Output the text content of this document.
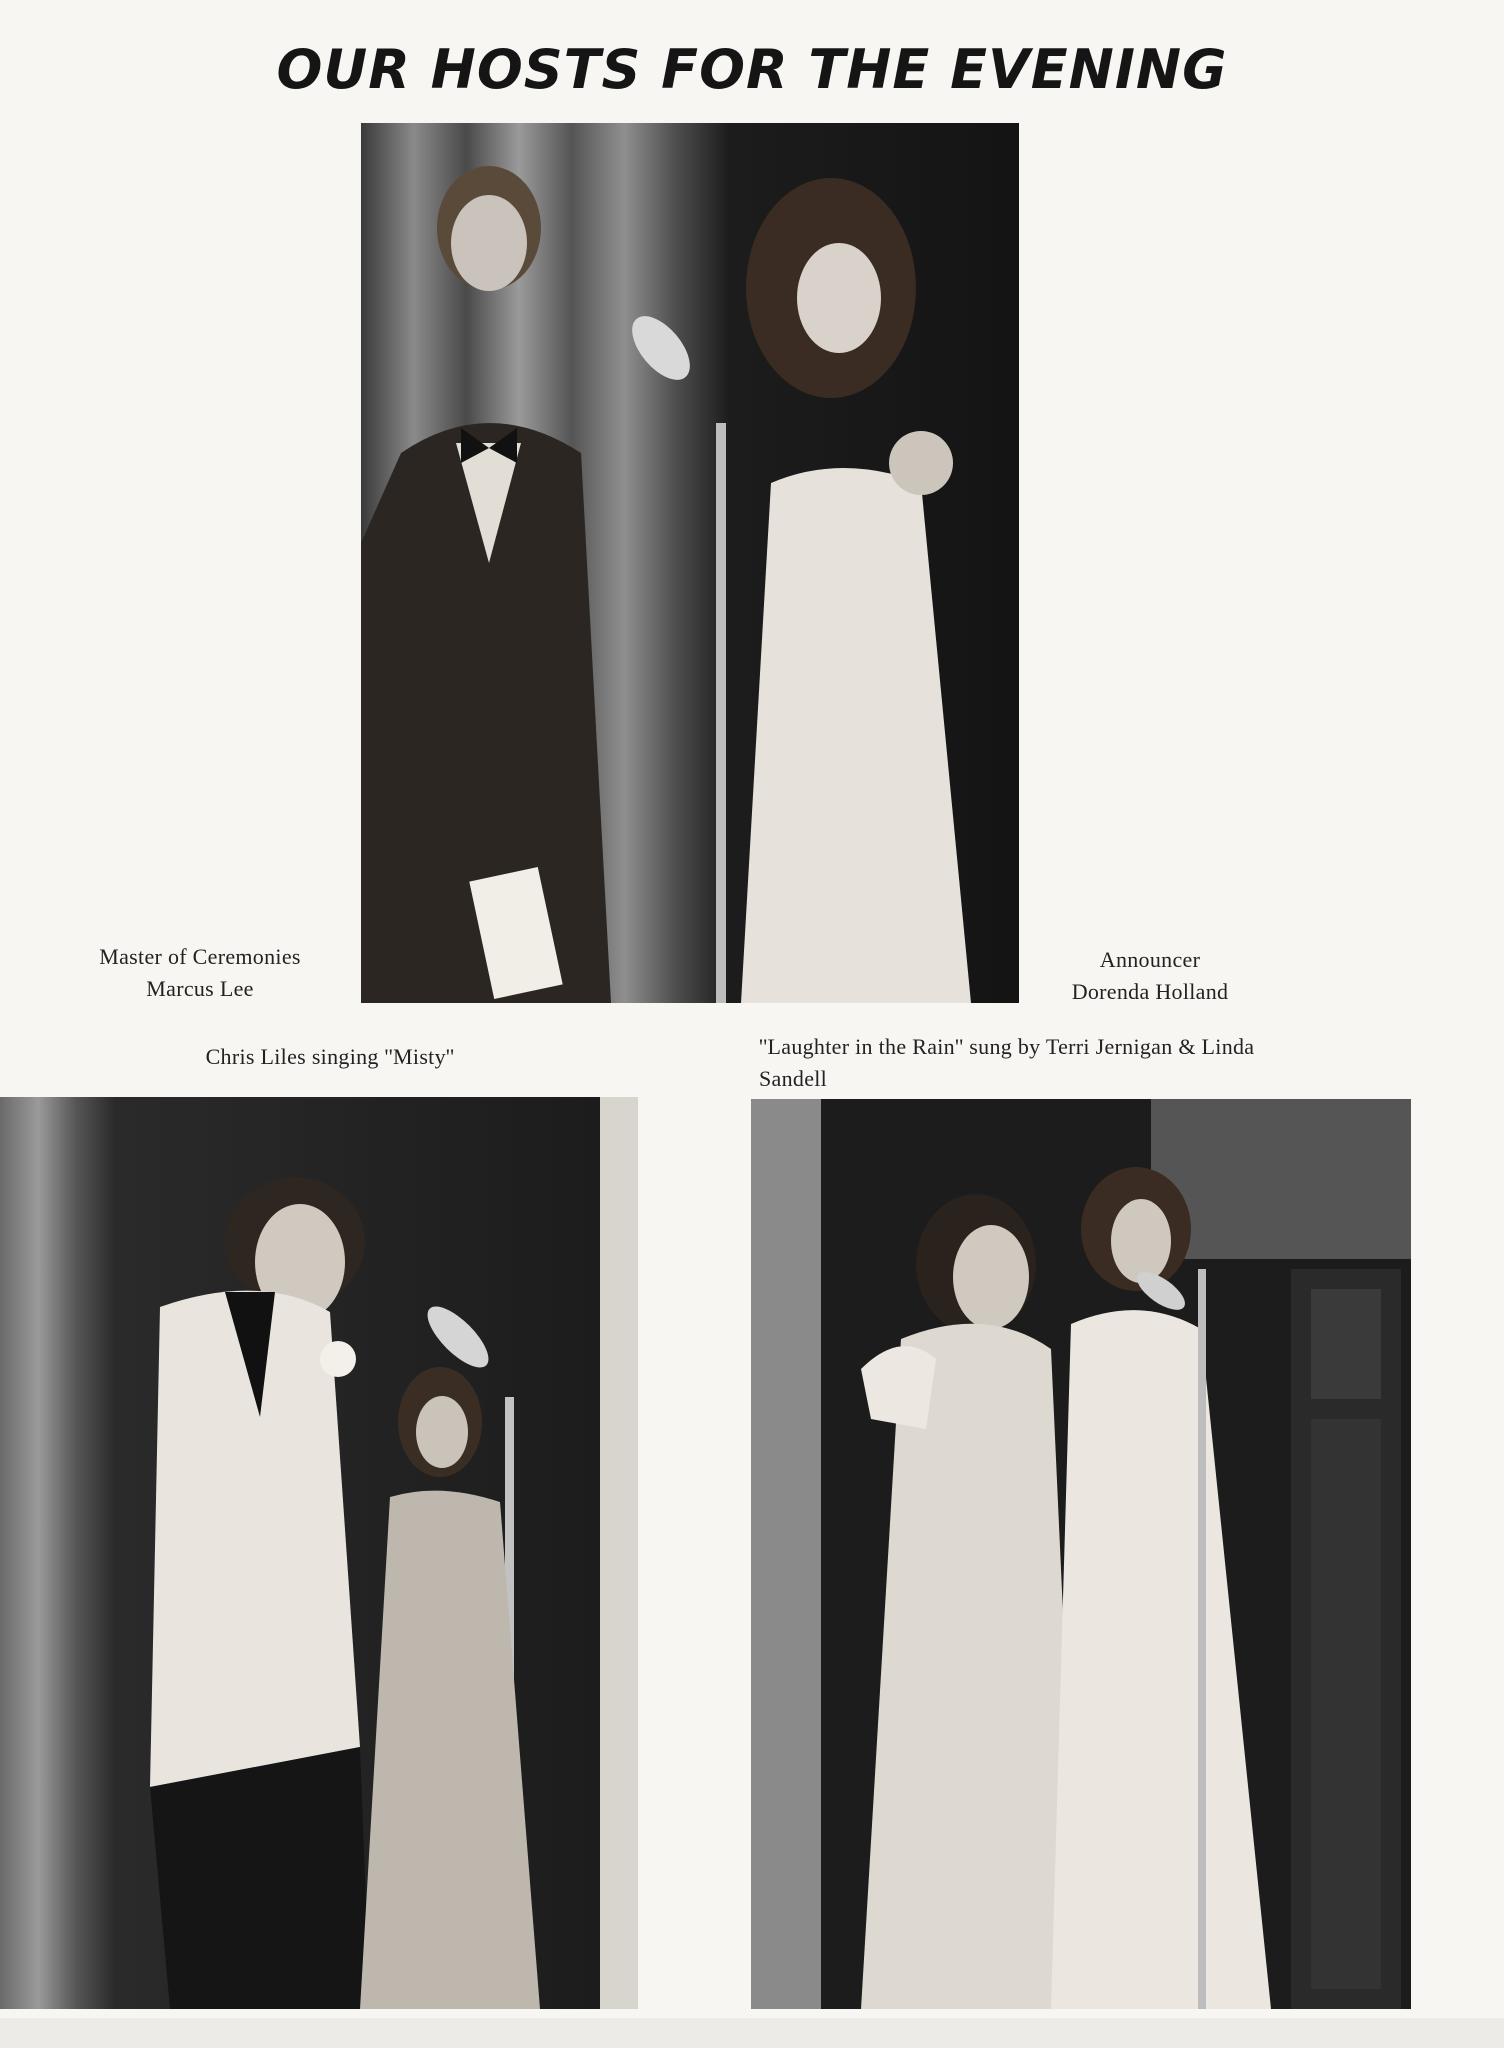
OUR HOSTS FOR THE EVENING
Master of Ceremonies
Marcus Lee
Announcer
Dorenda Holland
Chris Liles singing ''Misty''	''Laughter in the Rain'' sung by Terri Jernigan & Linda
Sandell
